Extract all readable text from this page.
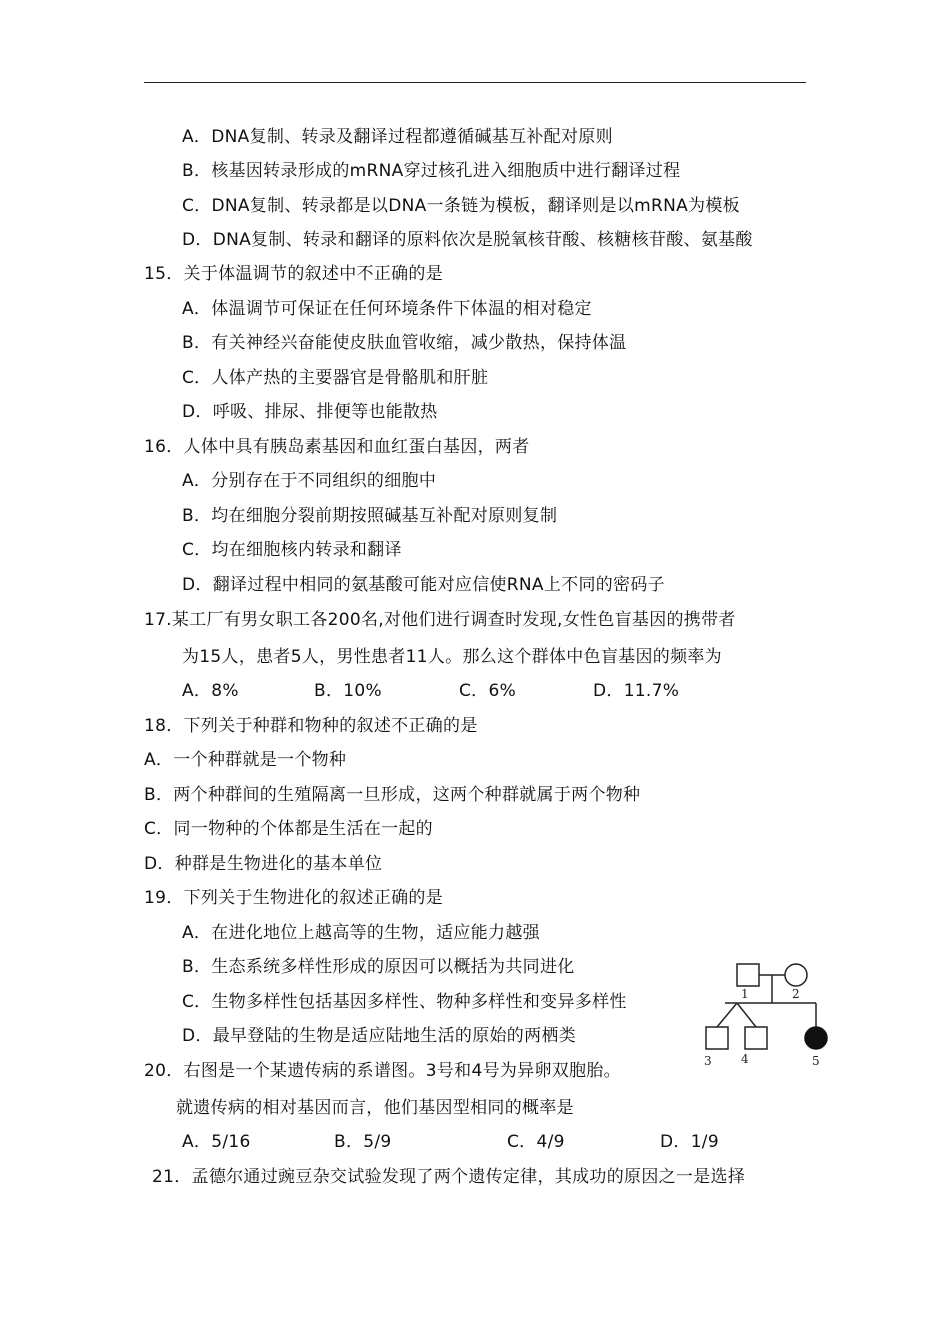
A．DNA复制、转录及翻译过程都遵循碱基互补配对原则
B．核基因转录形成的mRNA穿过核孔进入细胞质中进行翻译过程
C．DNA复制、转录都是以DNA一条链为模板，翻译则是以mRNA为模板
D．DNA复制、转录和翻译的原料依次是脱氧核苷酸、核糖核苷酸、氨基酸
15．关于体温调节的叙述中不正确的是
A．体温调节可保证在任何环境条件下体温的相对稳定
B．有关神经兴奋能使皮肤血管收缩，减少散热，保持体温
C．人体产热的主要器官是骨骼肌和肝脏
D．呼吸、排尿、排便等也能散热
16．人体中具有胰岛素基因和血红蛋白基因，两者
A．分别存在于不同组织的细胞中
B．均在细胞分裂前期按照碱基互补配对原则复制
C．均在细胞核内转录和翻译
D．翻译过程中相同的氨基酸可能对应信使RNA上不同的密码子
17.某工厂有男女职工各200名,对他们进行调查时发现,女性色盲基因的携带者
为15人，患者5人，男性患者11人。那么这个群体中色盲基因的频率为
A．8%	B．10%	C．6%	D．11.7%
18．下列关于种群和物种的叙述不正确的是
A．一个种群就是一个物种
B．两个种群间的生殖隔离一旦形成，这两个种群就属于两个物种
C．同一物种的个体都是生活在一起的
D．种群是生物进化的基本单位
19．下列关于生物进化的叙述正确的是
A．在进化地位上越高等的生物，适应能力越强
B．生态系统多样性形成的原因可以概括为共同进化
C．生物多样性包括基因多样性、物种多样性和变异多样性
D．最早登陆的生物是适应陆地生活的原始的两栖类
20．右图是一个某遗传病的系谱图。3号和4号为异卵双胞胎。
就遗传病的相对基因而言，他们基因型相同的概率是
A．5/16	B．5/9	C．4/9	D．1/9
21．孟德尔通过豌豆杂交试验发现了两个遗传定律，其成功的原因之一是选择
1	2
3 4	5
